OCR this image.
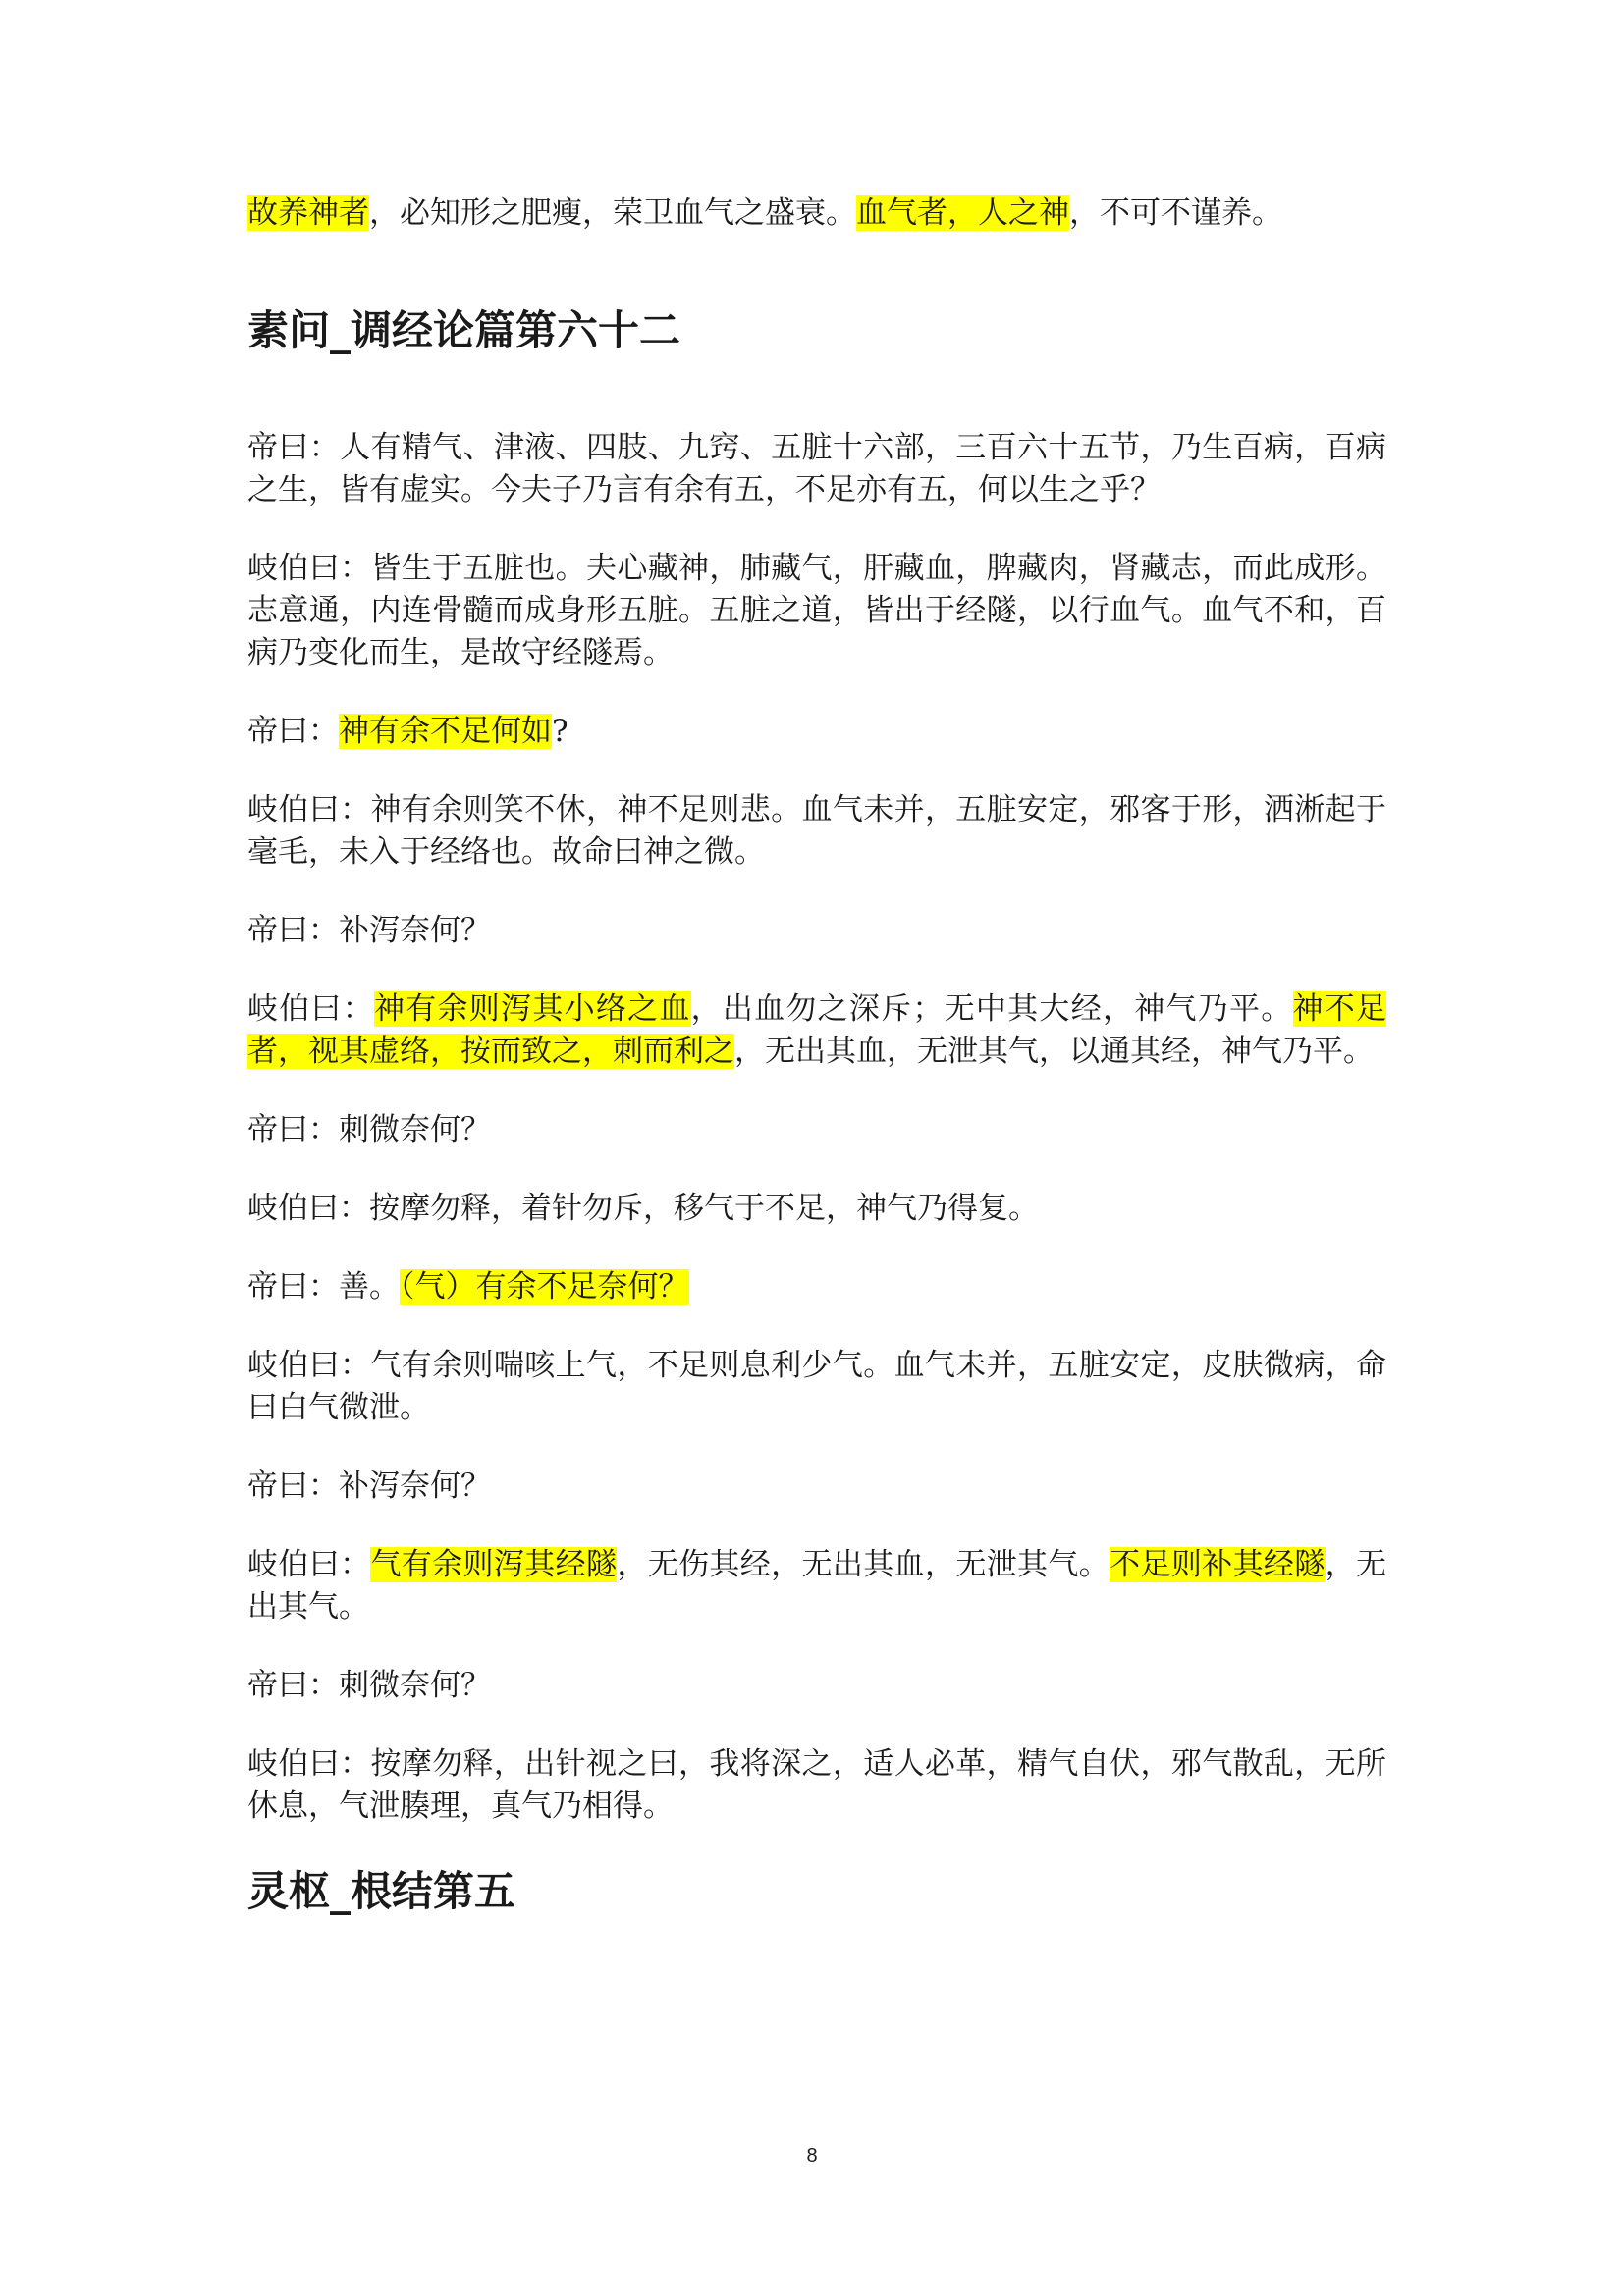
故养神者，必知形之肥瘦，荣卫血气之盛衰。血气者，人之神，不可不谨养。

素问_调经论篇第六十二

帝曰：人有精气、津液、四肢、九窍、五脏十六部，三百六十五节，乃生百病，百病之生，皆有虚实。今夫子乃言有余有五，不足亦有五，何以生之乎？

岐伯曰：皆生于五脏也。夫心藏神，肺藏气，肝藏血，脾藏肉，肾藏志，而此成形。志意通，内连骨髓而成身形五脏。五脏之道，皆出于经隧，以行血气。血气不和，百病乃变化而生，是故守经隧焉。

帝曰：神有余不足何如?

岐伯曰：神有余则笑不休，神不足则悲。血气未并，五脏安定，邪客于形，洒淅起于毫毛，未入于经络也。故命曰神之微。

帝曰：补泻奈何？

岐伯曰：神有余则泻其小络之血，出血勿之深斥；无中其大经，神气乃平。神不足者，视其虚络，按而致之，刺而利之，无出其血，无泄其气，以通其经，神气乃平。

帝曰：刺微奈何？

岐伯曰：按摩勿释，着针勿斥，移气于不足，神气乃得复。

帝曰：善。（气）有余不足奈何？

岐伯曰：气有余则喘咳上气，不足则息利少气。血气未并，五脏安定，皮肤微病，命曰白气微泄。

帝曰：补泻奈何？

岐伯曰：气有余则泻其经隧，无伤其经，无出其血，无泄其气。不足则补其经隧，无出其气。

帝曰：刺微奈何？

岐伯曰：按摩勿释，出针视之曰，我将深之，适人必革，精气自伏，邪气散乱，无所休息，气泄腠理，真气乃相得。

灵枢_根结第五
8
